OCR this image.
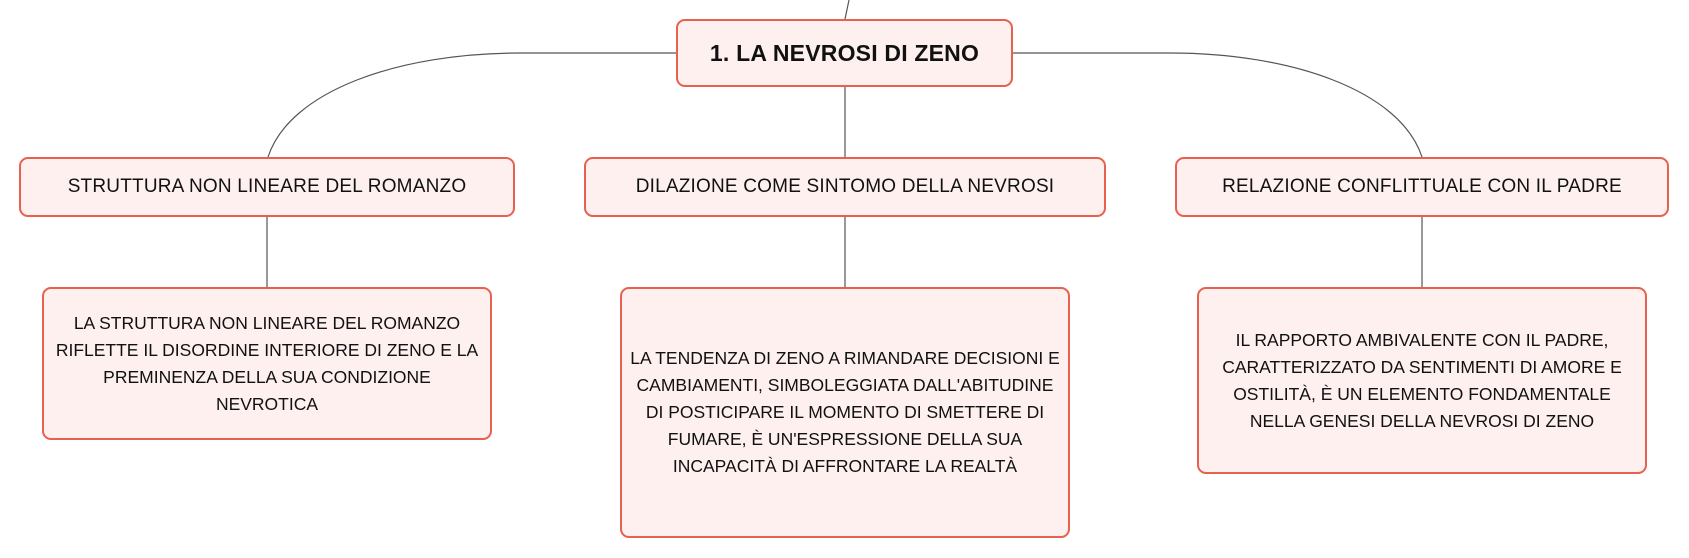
1. LA NEVROSI DI ZENO
STRUTTURA NON LINEARE DEL ROMANZO	DILAZIONE COME SINTOMO DELLA NEVROSI	RELAZIONE CONFLITTUALE CON IL PADRE
LA STRUTTURA NON LINEARE DEL ROMANZO RIFLETTE IL DISORDINE INTERIORE DI ZENO E LA PREMINENZA DELLA SUA CONDIZIONE NEVROTICA
LA TENDENZA DI ZENO A RIMANDARE DECISIONI E CAMBIAMENTI, SIMBOLEGGIATA DALL'ABITUDINE DI POSTICIPARE IL MOMENTO DI SMETTERE DI FUMARE, È UN'ESPRESSIONE DELLA SUA INCAPACITÀ DI AFFRONTARE LA REALTÀ
IL RAPPORTO AMBIVALENTE CON IL PADRE, CARATTERIZZATO DA SENTIMENTI DI AMORE E OSTILITÀ, È UN ELEMENTO FONDAMENTALE NELLA GENESI DELLA NEVROSI DI ZENO
